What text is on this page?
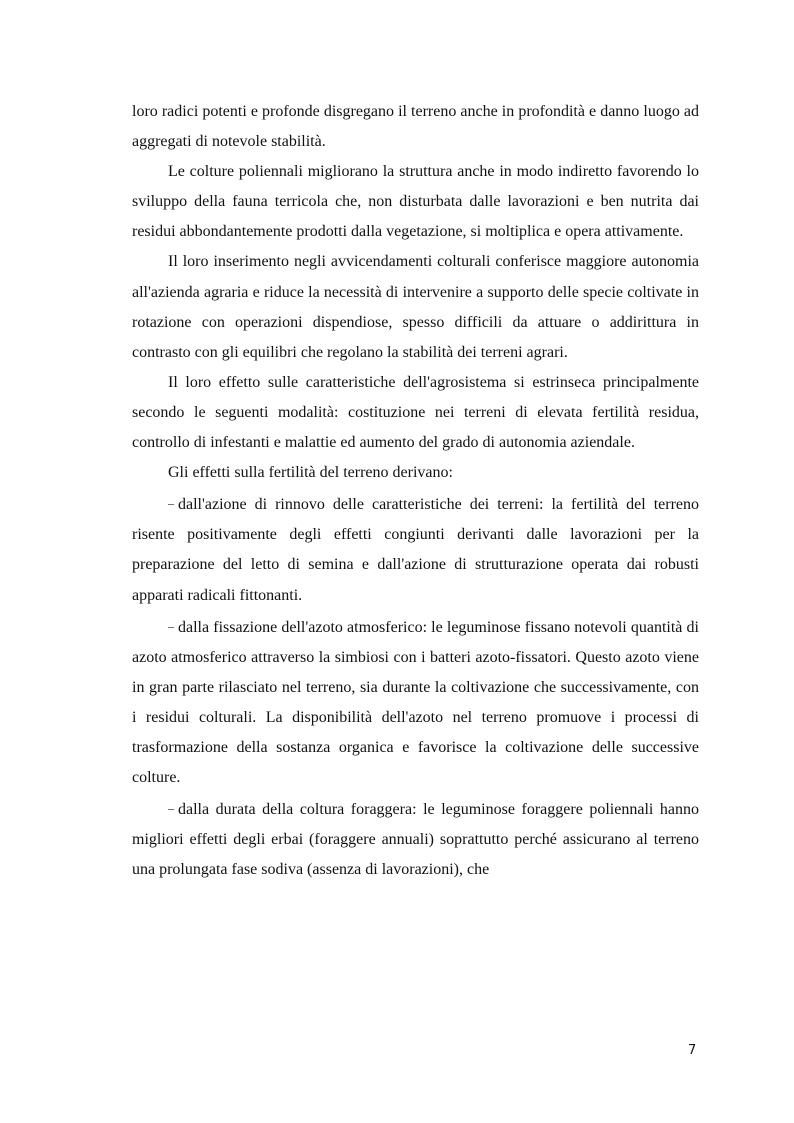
loro radici potenti e profonde disgregano il terreno anche in profondità e danno luogo ad aggregati di notevole stabilità.

Le colture poliennali migliorano la struttura anche in modo indiretto favorendo lo sviluppo della fauna terricola che, non disturbata dalle lavorazioni e ben nutrita dai residui abbondantemente prodotti dalla vegetazione, si moltiplica e opera attivamente.

Il loro inserimento negli avvicendamenti colturali conferisce maggiore autonomia all'azienda agraria e riduce la necessità di intervenire a supporto delle specie coltivate in rotazione con operazioni dispendiose, spesso difficili da attuare o addirittura in contrasto con gli equilibri che regolano la stabilità dei terreni agrari.

Il loro effetto sulle caratteristiche dell'agrosistema si estrinseca principalmente secondo le seguenti modalità: costituzione nei terreni di elevata fertilità residua, controllo di infestanti e malattie ed aumento del grado di autonomia aziendale.

Gli effetti sulla fertilità del terreno derivano:

– dall'azione di rinnovo delle caratteristiche dei terreni: la fertilità del terreno risente positivamente degli effetti congiunti derivanti dalle lavorazioni per la preparazione del letto di semina e dall'azione di strutturazione operata dai robusti apparati radicali fittonanti.

– dalla fissazione dell'azoto atmosferico: le leguminose fissano notevoli quantità di azoto atmosferico attraverso la simbiosi con i batteri azoto-fissatori. Questo azoto viene in gran parte rilasciato nel terreno, sia durante la coltivazione che successivamente, con i residui colturali. La disponibilità dell'azoto nel terreno promuove i processi di trasformazione della sostanza organica e favorisce la coltivazione delle successive colture.

– dalla durata della coltura foraggera: le leguminose foraggere poliennali hanno migliori effetti degli erbai (foraggere annuali) soprattutto perché assicurano al terreno una prolungata fase sodiva (assenza di lavorazioni), che

7
